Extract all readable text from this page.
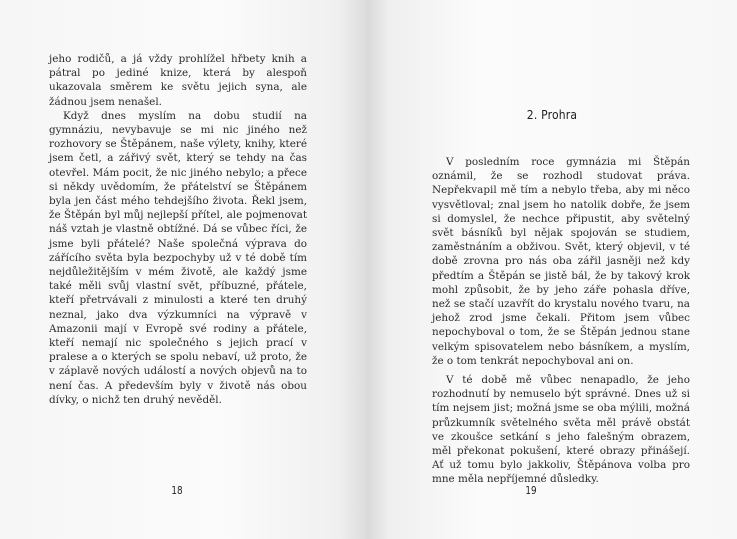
jeho rodičů, a já vždy prohlížel hřbety knih a pátral po jediné knize, která by alespoň ukazovala směrem ke světu jejich syna, ale žádnou jsem nenašel.

Když dnes myslím na dobu studií na gymnáziu, nevybavuje se mi nic jiného než rozhovory se Štěpánem, naše výlety, knihy, které jsem četl, a zářivý svět, který se tehdy na čas otevřel. Mám pocit, že nic jiného nebylo; a přece si někdy uvědomím, že přátelství se Štěpánem byla jen část mého tehdejšího života. Řekl jsem, že Štěpán byl můj nejlepší přítel, ale pojmenovat náš vztah je vlastně obtížné. Dá se vůbec říci, že jsme byli přátelé? Naše společná výprava do zářícího světa byla bezpochyby už v té době tím nejdůležitějším v mém životě, ale každý jsme také měli svůj vlastní svět, příbuzné, přátele, kteří přetrvávali z minulosti a které ten druhý neznal, jako dva výzkumníci na výpravě v Amazonii mají v Evropě své rodiny a přátele, kteří nemají nic společného s jejich prací v pralese a o kterých se spolu nebaví, už proto, že v záplavě nových událostí a nových objevů na to není čas. A především byly v životě nás obou dívky, o nichž ten druhý nevěděl.

18
2. Prohra

V posledním roce gymnázia mi Štěpán oznámil, že se rozhodl studovat práva. Nepřekvapil mě tím a nebylo třeba, aby mi něco vysvětloval; znal jsem ho natolik dobře, že jsem si domyslel, že nechce připustit, aby světelný svět básníků byl nějak spojován se studiem, zaměstnáním a obživou. Svět, který objevil, v té době zrovna pro nás oba zářil jasněji než kdy předtím a Štěpán se jistě bál, že by takový krok mohl způsobit, že by jeho záře pohasla dříve, než se stačí uzavřít do krystalu nového tvaru, na jehož zrod jsme čekali. Přitom jsem vůbec nepochyboval o tom, že se Štěpán jednou stane velkým spisovatelem nebo básníkem, a myslím, že o tom tenkrát nepochyboval ani on.

V té době mě vůbec nenapadlo, že jeho rozhodnutí by nemuselo být správné. Dnes už si tím nejsem jist; možná jsme se oba mýlili, možná průzkumník světelného světa měl právě obstát ve zkoušce setkání s jeho falešným obrazem, měl překonat pokušení, které obrazy přinášejí. Ať už tomu bylo jakkoliv, Štěpánova volba pro mne měla nepříjemné důsledky.

19
